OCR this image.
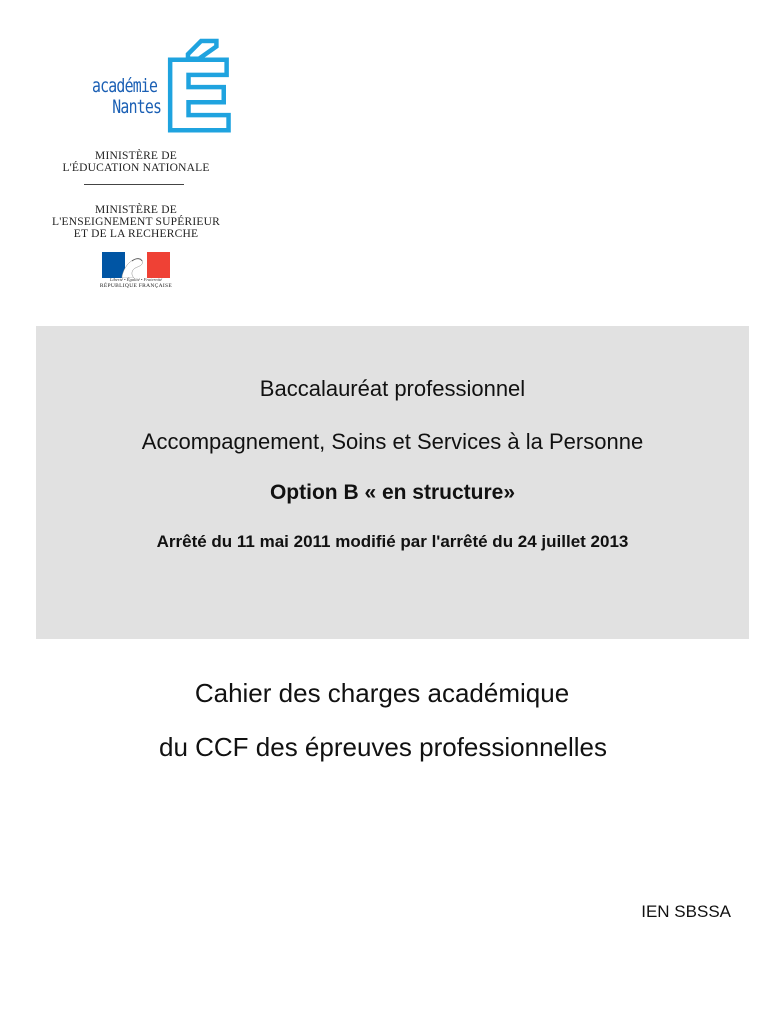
É
académie
Nantes
MINISTÈRE DE
L'ÉDUCATION NATIONALE
MINISTÈRE DE
L'ENSEIGNEMENT SUPÉRIEUR
ET DE LA RECHERCHE
Liberté • Égalité • Fraternité
RÉPUBLIQUE FRANÇAISE
Baccalauréat professionnel
Accompagnement, Soins et Services à la Personne
Option B « en structure»
Arrêté du 11 mai 2011 modifié par l'arrêté du 24 juillet 2013
Cahier des charges académique
du CCF des épreuves professionnelles
IEN SBSSA
